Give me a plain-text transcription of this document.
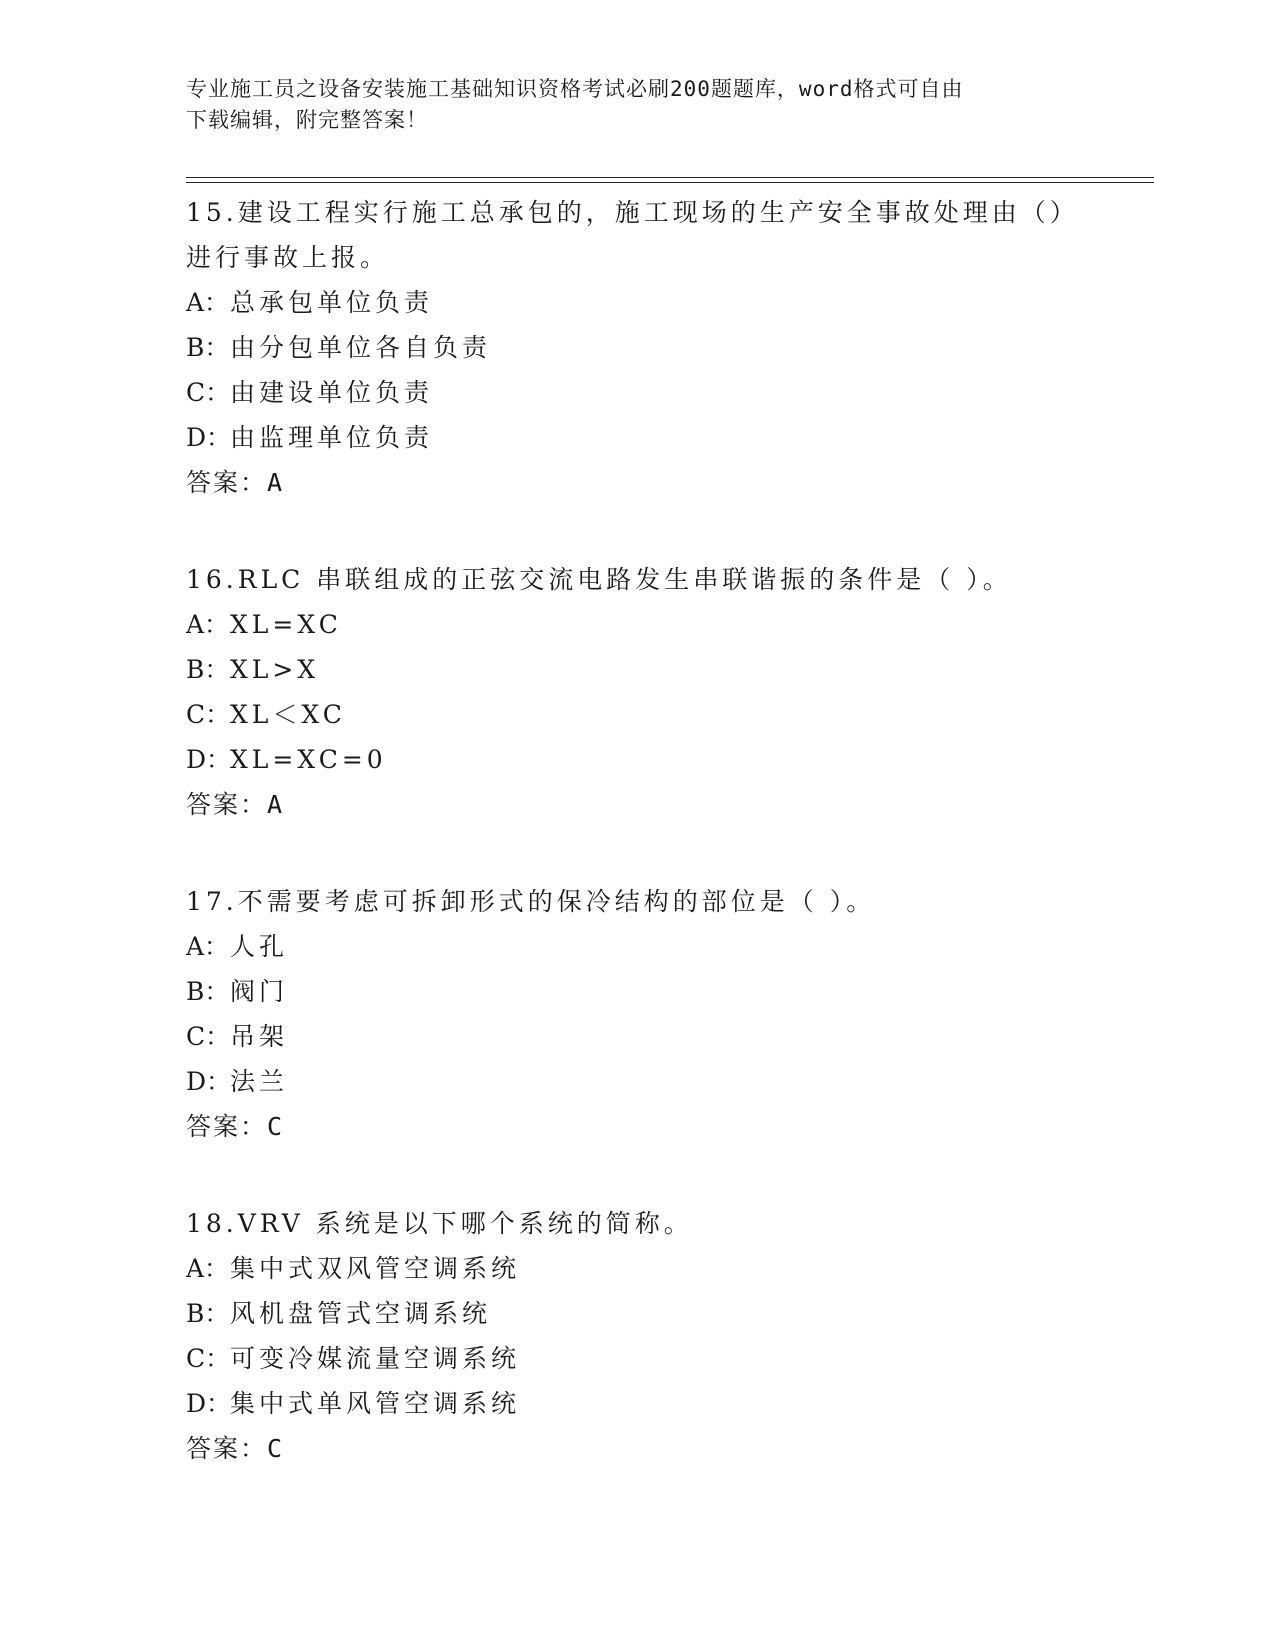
专业施工员之设备安装施工基础知识资格考试必刷200题题库，word格式可自由
下载编辑，附完整答案！

15.建设工程实行施工总承包的，施工现场的生产安全事故处理由（）进行事故上报。

A：总承包单位负责

B：由分包单位各自负责

C：由建设单位负责

D：由监理单位负责

答案：A

16.RLC 串联组成的正弦交流电路发生串联谐振的条件是（ ）。

A：XL=XC

B：XL>X

C：XL＜XC

D：XL=XC=0

答案：A

17.不需要考虑可拆卸形式的保冷结构的部位是（ ）。

A：人孔

B：阀门

C：吊架

D：法兰

答案：C

18.VRV 系统是以下哪个系统的简称。

A：集中式双风管空调系统

B：风机盘管式空调系统

C：可变冷媒流量空调系统

D：集中式单风管空调系统

答案：C
